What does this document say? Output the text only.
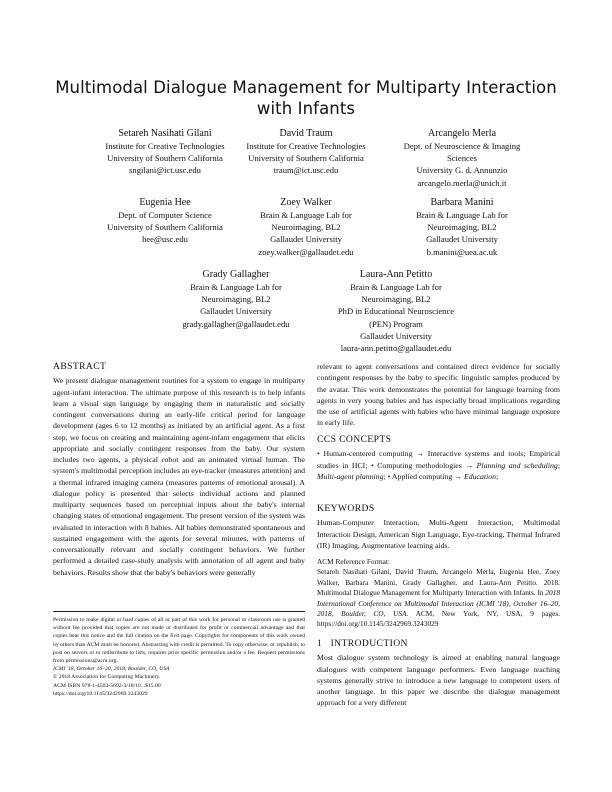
Multimodal Dialogue Management for Multiparty Interaction with Infants
Setareh Nasihati Gilani
Institute for Creative Technologies
University of Southern California
sngilani@ict.usc.edu
David Traum
Institute for Creative Technologies
University of Southern California
traum@ict.usc.edu
Arcangelo Merla
Dept. of Neuroscience & Imaging
Sciences
University G. d. Annunzio
arcangelo.merla@unich.it
Eugenia Hee
Dept. of Computer Science
University of Southern California
hee@usc.edu
Zoey Walker
Brain & Language Lab for
Neuroimaging, BL2
Gallaudet University
zoey.walker@gallaudet.edu
Barbara Manini
Brain & Language Lab for
Neuroimaging, BL2
Gallaudet University
b.manini@uea.ac.uk
Grady Gallagher
Brain & Language Lab for
Neuroimaging, BL2
Gallaudet University
grady.gallagher@gallaudet.edu
Laura-Ann Petitto
Brain & Language Lab for
Neuroimaging, BL2
PhD in Educational Neuroscience
(PEN) Program
Gallaudet University
laura-ann.petitto@gallaudet.edu
ABSTRACT

We present dialogue management routines for a system to engage in multiparty agent-infant interaction. The ultimate purpose of this research is to help infants learn a visual sign language by engaging them in naturalistic and socially contingent conversations during an early-life critical period for language development (ages 6 to 12 months) as initiated by an artificial agent. As a first step, we focus on creating and maintaining agent-infant engagement that elicits appropriate and socially contingent responses from the baby. Our system includes two agents, a physical robot and an animated virtual human. The system's multimodal perception includes an eye-tracker (measures attention) and a thermal infrared imaging camera (measures patterns of emotional arousal). A dialogue policy is presented that selects individual actions and planned multiparty sequences based on perceptual inputs about the baby's internal changing states of emotional engagement. The present version of the system was evaluated in interaction with 8 babies. All babies demonstrated spontaneous and sustained engagement with the agents for several minutes, with patterns of conversationally relevant and socially contingent behaviors. We further performed a detailed case-study analysis with annotation of all agent and baby behaviors. Results show that the baby's behaviors were generally

Permission to make digital or hard copies of all or part of this work for personal or classroom use is granted without fee provided that copies are not made or distributed for profit or commercial advantage and that copies bear this notice and the full citation on the first page. Copyrights for components of this work owned by others than ACM must be honored. Abstracting with credit is permitted. To copy otherwise, or republish, to post on servers or to redistribute to lists, requires prior specific permission and/or a fee. Request permissions from permissions@acm.org.
ICMI '18, October 16–20, 2018, Boulder, CO, USA
© 2018 Association for Computing Machinery.
ACM ISBN 978-1-4503-5692-3/18/10...$15.00
https://doi.org/10.1145/3242969.3243029

relevant to agent conversations and contained direct evidence for socially contingent responses by the baby to specific linguistic samples produced by the avatar. This work demonstrates the potential for language learning from agents in very young babies and has especially broad implications regarding the use of artificial agents with babies who have minimal language exposure in early life.

CCS CONCEPTS

• Human-centered computing → Interactive systems and tools; Empirical studies in HCI; • Computing methodologies → Planning and scheduling; Multi-agent planning; • Applied computing → Education;

KEYWORDS

Human-Computer Interaction, Multi-Agent Interaction, Multimodal Interaction Design, American Sign Language, Eye-tracking, Thermal Infrared (IR) Imaging, Augmentative learning aids.

ACM Reference Format:

Setareh Nasihati Gilani, David Traum, Arcangelo Merla, Eugenia Hee, Zoey Walker, Barbara Manini, Grady Gallagher, and Laura-Ann Petitto. 2018. Multimodal Dialogue Management for Multiparty Interaction with Infants. In 2018 International Conference on Multimodal Interaction (ICMI '18), October 16–20, 2018, Boulder, CO, USA. ACM, New York, NY, USA, 9 pages. https://doi.org/10.1145/3242969.3243029

1   INTRODUCTION

Most dialogue system technology is aimed at enabling natural language dialogues with competent language performers. Even language teaching systems generally strive to introduce a new language to competent users of another language. In this paper we describe the dialogue management approach for a very different
